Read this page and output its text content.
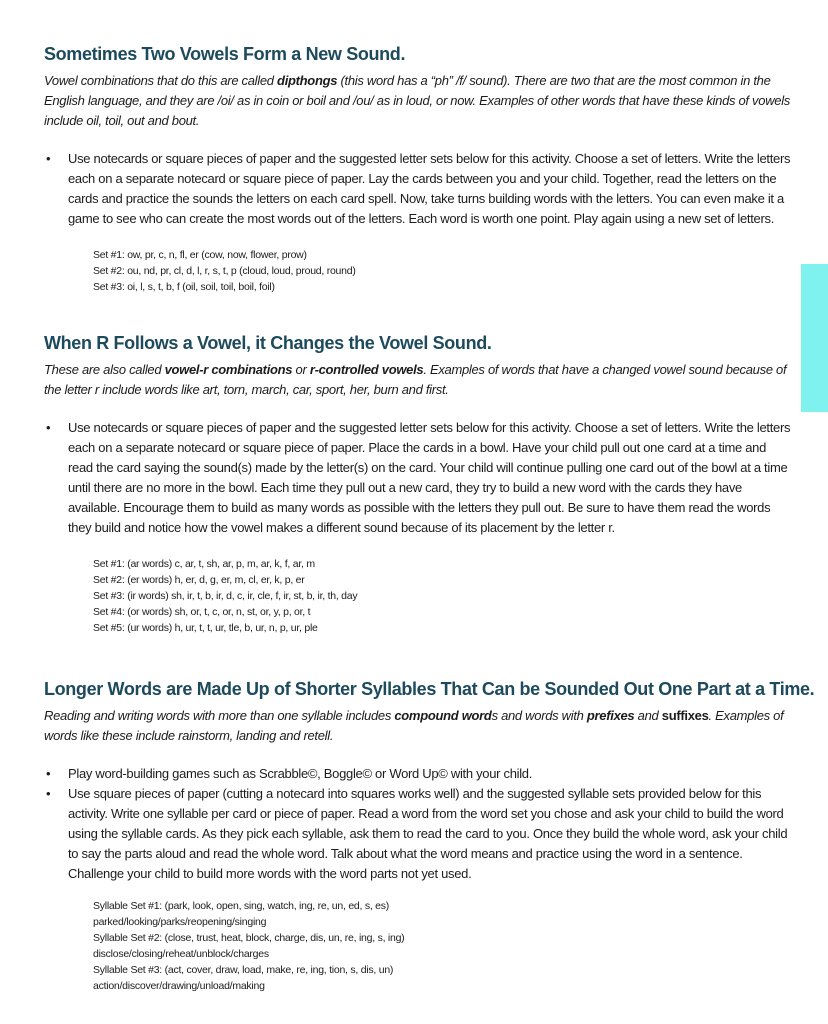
Sometimes Two Vowels Form a New Sound.

Vowel combinations that do this are called dipthongs (this word has a “ph” /f/ sound). There are two that are the most common in the English language, and they are /oi/ as in coin or boil and /ou/ as in loud, or now. Examples of other words that have these kinds of vowels include oil, toil, out and bout.

• Use notecards or square pieces of paper and the suggested letter sets below for this activity. Choose a set of letters. Write the letters each on a separate notecard or square piece of paper. Lay the cards between you and your child. Together, read the letters on the cards and practice the sounds the letters on each card spell. Now, take turns building words with the letters. You can even make it a game to see who can create the most words out of the letters. Each word is worth one point. Play again using a new set of letters.
Set #1: ow, pr, c, n, fl, er (cow, now, flower, prow)
Set #2: ou, nd, pr, cl, d, l, r, s, t, p (cloud, loud, proud, round)
Set #3: oi, l, s, t, b, f (oil, soil, toil, boil, foil)
When R Follows a Vowel, it Changes the Vowel Sound.

These are also called vowel-r combinations or r-controlled vowels. Examples of words that have a changed vowel sound because of the letter r include words like art, torn, march, car, sport, her, burn and first.

• Use notecards or square pieces of paper and the suggested letter sets below for this activity. Choose a set of letters. Write the letters each on a separate notecard or square piece of paper. Place the cards in a bowl. Have your child pull out one card at a time and read the card saying the sound(s) made by the letter(s) on the card. Your child will continue pulling one card out of the bowl at a time until there are no more in the bowl. Each time they pull out a new card, they try to build a new word with the cards they have available. Encourage them to build as many words as possible with the letters they pull out. Be sure to have them read the words they build and notice how the vowel makes a different sound because of its placement by the letter r.
Set #1: (ar words) c, ar, t, sh, ar, p, m, ar, k, f, ar, m
Set #2: (er words) h, er, d, g, er, m, cl, er, k, p, er
Set #3: (ir words) sh, ir, t, b, ir, d, c, ir, cle, f, ir, st, b, ir, th, day
Set #4: (or words) sh, or, t, c, or, n, st, or, y, p, or, t
Set #5: (ur words) h, ur, t, t, ur, tle, b, ur, n, p, ur, ple
Longer Words are Made Up of Shorter Syllables That Can be Sounded Out One Part at a Time.

Reading and writing words with more than one syllable includes compound words and words with prefixes and suffixes. Examples of words like these include rainstorm, landing and retell.

• Play word-building games such as Scrabble©, Boggle© or Word Up© with your child.
• Use square pieces of paper (cutting a notecard into squares works well) and the suggested syllable sets provided below for this activity. Write one syllable per card or piece of paper. Read a word from the word set you chose and ask your child to build the word using the syllable cards. As they pick each syllable, ask them to read the card to you. Once they build the whole word, ask your child to say the parts aloud and read the whole word. Talk about what the word means and practice using the word in a sentence. Challenge your child to build more words with the word parts not yet used.
Syllable Set #1: (park, look, open, sing, watch, ing, re, un, ed, s, es)
parked/looking/parks/reopening/singing
Syllable Set #2: (close, trust, heat, block, charge, dis, un, re, ing, s, ing)
disclose/closing/reheat/unblock/charges
Syllable Set #3: (act, cover, draw, load, make, re, ing, tion, s, dis, un)
action/discover/drawing/unload/making
